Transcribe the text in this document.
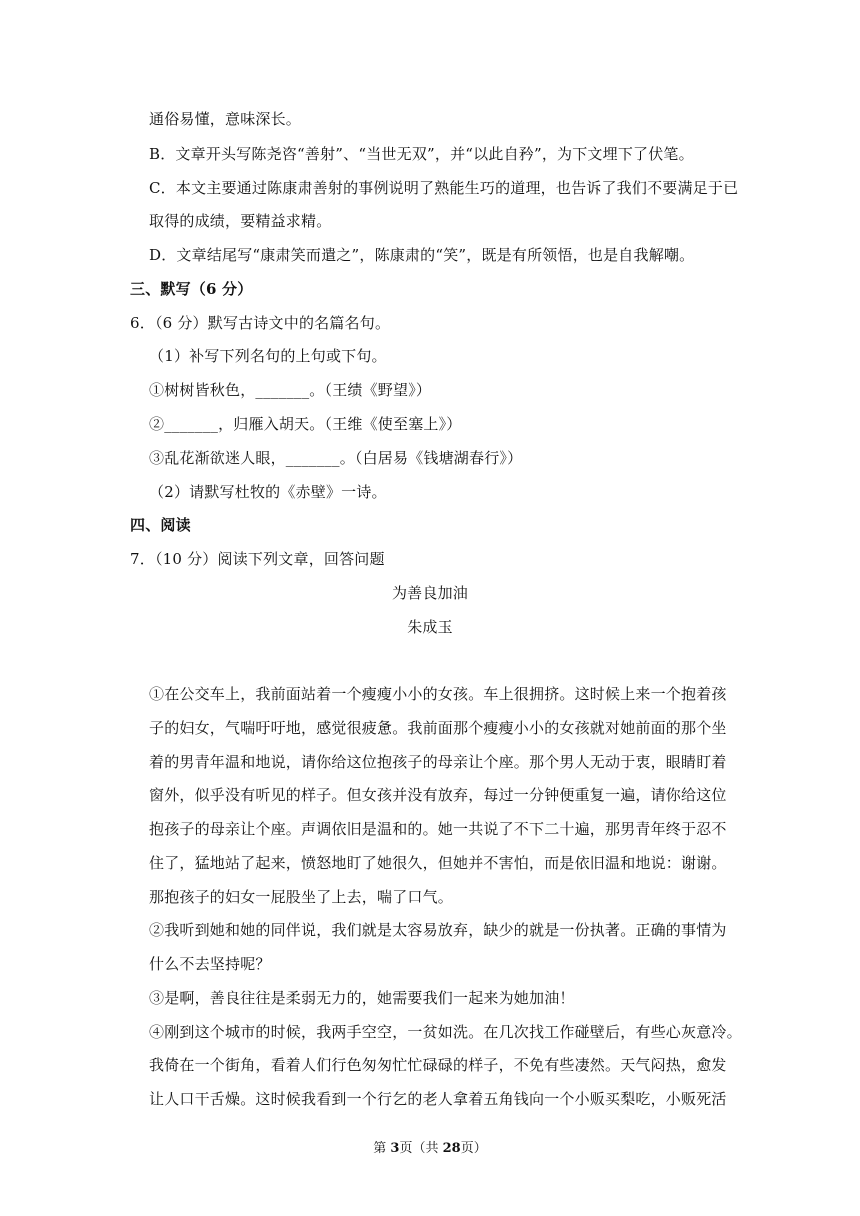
通俗易懂，意味深长。
B．文章开头写陈尧咨“善射”、“当世无双”，并“以此自矜”，为下文埋下了伏笔。
C．本文主要通过陈康肃善射的事例说明了熟能生巧的道理，也告诉了我们不要满足于已
取得的成绩，要精益求精。
D．文章结尾写“康肃笑而遣之”，陈康肃的“笑”，既是有所领悟，也是自我解嘲。
三、默写（6 分）
6．（6 分）默写古诗文中的名篇名句。
（1）补写下列名句的上句或下句。
①树树皆秋色，_______。（王绩《野望》）
②_______，归雁入胡天。（王维《使至塞上》）
③乱花渐欲迷人眼，_______。（白居易《钱塘湖春行》）
（2）请默写杜牧的《赤壁》一诗。
四、阅读
7．（10 分）阅读下列文章，回答问题
为善良加油
朱成玉
①在公交车上，我前面站着一个瘦瘦小小的女孩。车上很拥挤。这时候上来一个抱着孩
子的妇女，气喘吁吁地，感觉很疲惫。我前面那个瘦瘦小小的女孩就对她前面的那个坐
着的男青年温和地说，请你给这位抱孩子的母亲让个座。那个男人无动于衷，眼睛盯着
窗外，似乎没有听见的样子。但女孩并没有放弃，每过一分钟便重复一遍，请你给这位
抱孩子的母亲让个座。声调依旧是温和的。她一共说了不下二十遍，那男青年终于忍不
住了，猛地站了起来，愤怒地盯了她很久，但她并不害怕，而是依旧温和地说：谢谢。
那抱孩子的妇女一屁股坐了上去，喘了口气。
②我听到她和她的同伴说，我们就是太容易放弃，缺少的就是一份执著。正确的事情为
什么不去坚持呢？
③是啊，善良往往是柔弱无力的，她需要我们一起来为她加油！
④刚到这个城市的时候，我两手空空，一贫如洗。在几次找工作碰壁后，有些心灰意冷。
我倚在一个街角，看着人们行色匆匆忙忙碌碌的样子，不免有些凄然。天气闷热，愈发
让人口干舌燥。这时候我看到一个行乞的老人拿着五角钱向一个小贩买梨吃，小贩死活
第 3页（共 28页）
